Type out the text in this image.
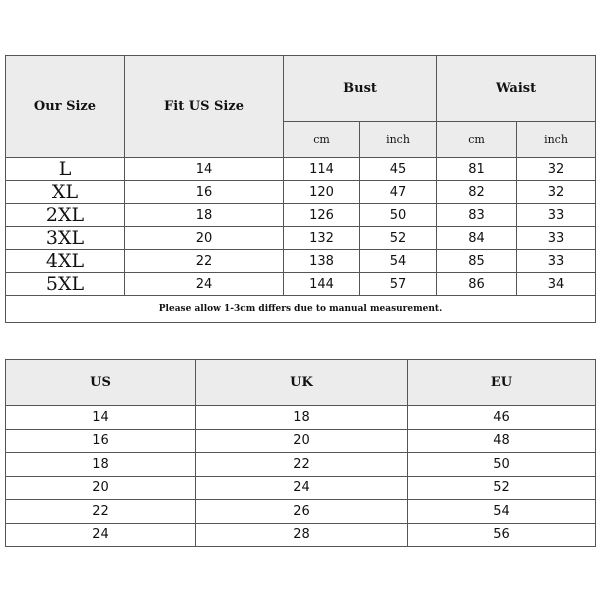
Our Size	Fit US Size	Bust		Waist	
		cm	inch	cm	inch
L	14	114	45	81	32
XL	16	120	47	82	32
2XL	18	126	50	83	33
3XL	20	132	52	84	33
4XL	22	138	54	85	33
5XL	24	144	57	86	34
Please allow 1-3cm differs due to manual measurement.					
US	UK	EU
14	18	46
16	20	48
18	22	50
20	24	52
22	26	54
24	28	56
